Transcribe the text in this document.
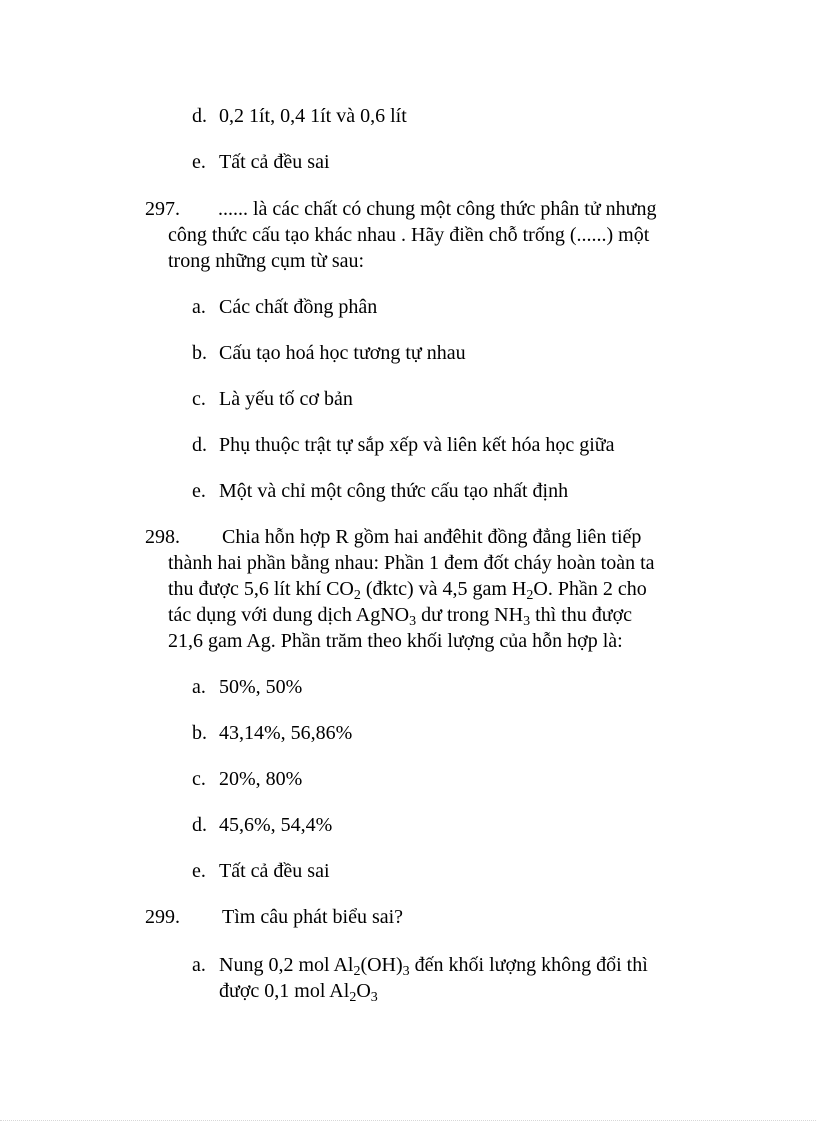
d. 0,2 1ít, 0,4 1ít và 0,6 lít
e. Tất cả đều sai
297. ...... là các chất có chung một công thức phân tử nhưng
công thức cấu tạo khác nhau . Hãy điền chỗ trống (......) một
trong những cụm từ sau:
a. Các chất đồng phân
b. Cấu tạo hoá học tương tự nhau
c. Là yếu tố cơ bản
d. Phụ thuộc trật tự sắp xếp và liên kết hóa học giữa
e. Một và chỉ một công thức cấu tạo nhất định
298. Chia hỗn hợp R gồm hai anđêhit đồng đẳng liên tiếp
thành hai phần bằng nhau: Phần 1 đem đốt cháy hoàn toàn ta
thu được 5,6 lít khí $CO_2$ (đktc) và 4,5 gam $H_2O$. Phần 2 cho
tác dụng với dung dịch AgNO$_3$ dư trong $NH_3$ thì thu được
21,6 gam Ag. Phần trăm theo khối lượng của hỗn hợp là:
a. 50%, 50%
b. 43,14%, 56,86%
c. 20%, 80%
d. 45,6%, 54,4%
e. Tất cả đều sai
299. Tìm câu phát biểu sai?
a. Nung 0,2 mol $Al_2(OH)_3$ đến khối lượng không đổi thì
được 0,1 mol $Al_2O_3$
